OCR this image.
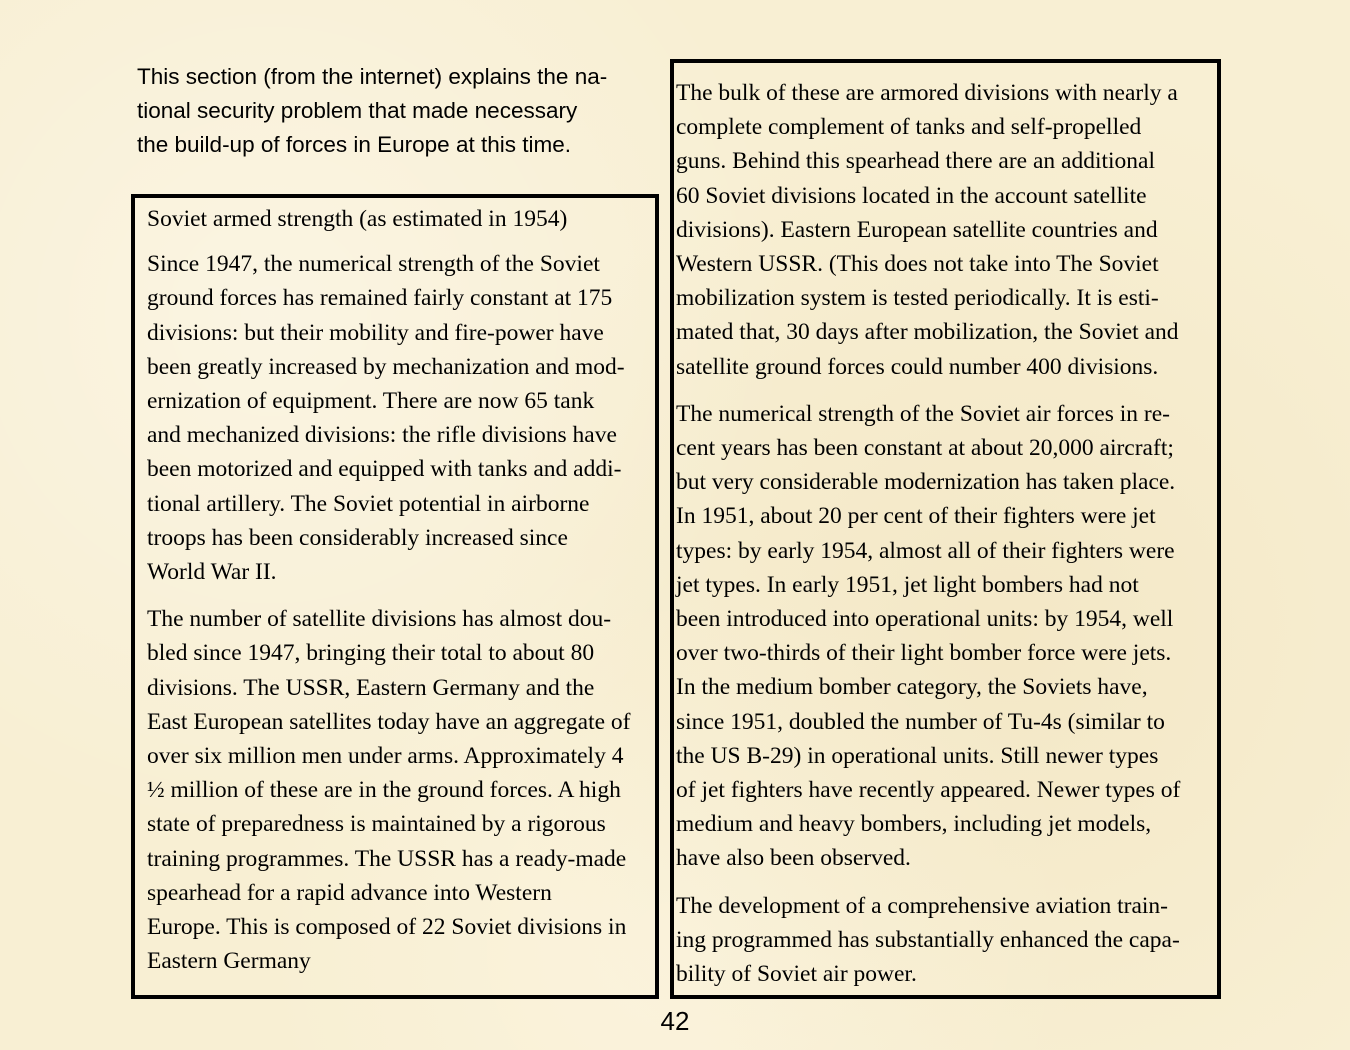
This section (from the internet) explains the na-
tional security problem that made necessary
the build-up of forces in Europe at this time.

Soviet armed strength (as estimated in 1954)

Since 1947, the numerical strength of the Soviet
ground forces has remained fairly constant at 175
divisions: but their mobility and fire-power have
been greatly increased by mechanization and mod-
ernization of equipment. There are now 65 tank
and mechanized divisions: the rifle divisions have
been motorized and equipped with tanks and addi-
tional artillery. The Soviet potential in airborne
troops has been considerably increased since
World War II.

The number of satellite divisions has almost dou-
bled since 1947, bringing their total to about 80
divisions. The USSR, Eastern Germany and the
East European satellites today have an aggregate of
over six million men under arms. Approximately 4
½ million of these are in the ground forces. A high
state of preparedness is maintained by a rigorous
training programmes. The USSR has a ready-made
spearhead for a rapid advance into Western
Europe. This is composed of 22 Soviet divisions in
Eastern Germany

The bulk of these are armored divisions with nearly a
complete complement of tanks and self-propelled
guns. Behind this spearhead there are an additional
60 Soviet divisions located in the account satellite
divisions). Eastern European satellite countries and
Western USSR. (This does not take into The Soviet
mobilization system is tested periodically. It is esti-
mated that, 30 days after mobilization, the Soviet and
satellite ground forces could number 400 divisions.

The numerical strength of the Soviet air forces in re-
cent years has been constant at about 20,000 aircraft;
but very considerable modernization has taken place.
In 1951, about 20 per cent of their fighters were jet
types: by early 1954, almost all of their fighters were
jet types. In early 1951, jet light bombers had not
been introduced into operational units: by 1954, well
over two-thirds of their light bomber force were jets.
In the medium bomber category, the Soviets have,
since 1951, doubled the number of Tu-4s (similar to
the US B-29) in operational units. Still newer types
of jet fighters have recently appeared. Newer types of
medium and heavy bombers, including jet models,
have also been observed.

The development of a comprehensive aviation train-
ing programmed has substantially enhanced the capa-
bility of Soviet air power.

42
